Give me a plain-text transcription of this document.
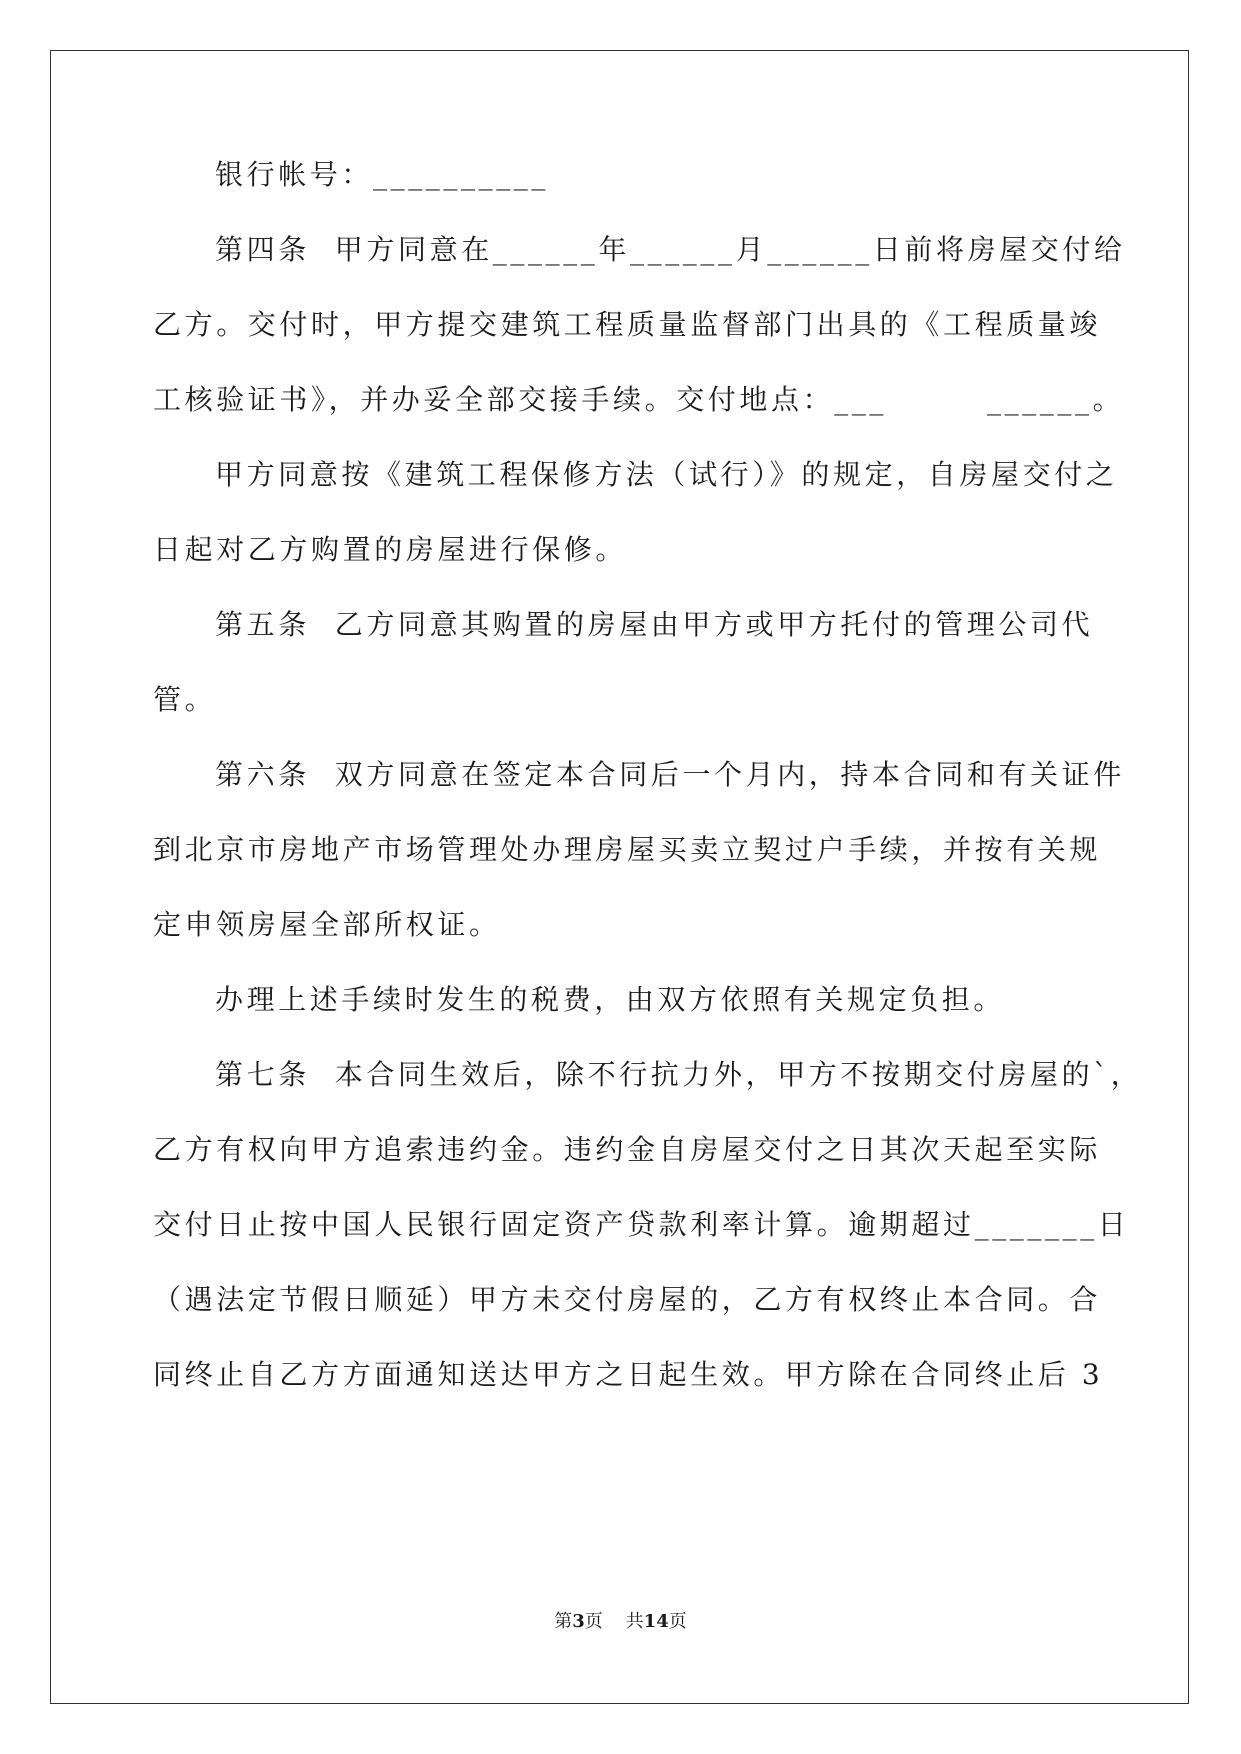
银行帐号：__________

第四条  甲方同意在______年______月______日前将房屋交付给

乙方。交付时，甲方提交建筑工程质量监督部门出具的《工程质量竣

工核验证书》，并办妥全部交接手续。交付地点：___        ______。

甲方同意按《建筑工程保修方法（试行）》的规定，自房屋交付之

日起对乙方购置的房屋进行保修。

第五条  乙方同意其购置的房屋由甲方或甲方托付的管理公司代

管。

第六条  双方同意在签定本合同后一个月内，持本合同和有关证件

到北京市房地产市场管理处办理房屋买卖立契过户手续，并按有关规

定申领房屋全部所权证。

办理上述手续时发生的税费，由双方依照有关规定负担。

第七条  本合同生效后，除不行抗力外，甲方不按期交付房屋的`，

乙方有权向甲方追索违约金。违约金自房屋交付之日其次天起至实际

交付日止按中国人民银行固定资产贷款利率计算。逾期超过_______日

（遇法定节假日顺延）甲方未交付房屋的，乙方有权终止本合同。合

同终止自乙方方面通知送达甲方之日起生效。甲方除在合同终止后 3

第3页 共14页
